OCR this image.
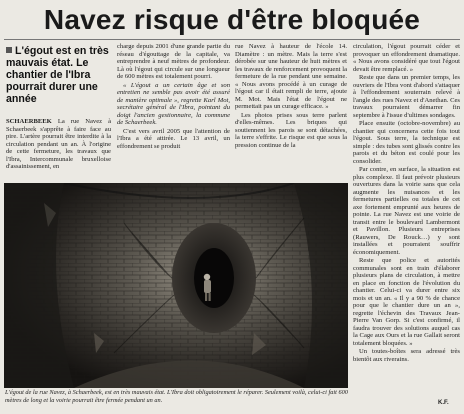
Navez risque d'être bloquée
L'égout est en très mauvais état. Le chantier de l'Ibra pourrait durer une année

SCHAERBEEK La rue Navez à Schaerbeek s'apprête à faire face au pire. L'artère pourrait être interdite à la circulation pendant un an. À l'origine de cette fermeture, les travaux que l'Ibra, Intercommunale bruxelloise d'assainissement, en

charge depuis 2001 d'une grande partie du réseau d'égouttage de la capitale, va entreprendre à neuf mètres de profondeur. Là où l'égout qui circule sur une longueur de 600 mètres est totalement pourri.

« L'égout a un certain âge et son entretien ne semble pas avoir été assuré de manière optimale », regrette Karl Mot, secrétaire général de l'Ibra, pointant du doigt l'ancien gestionnaire, la commune de Schaerbeek.

C'est vers avril 2005 que l'attention de l'Ibra a été attirée. Le 13 avril, un effondrement se produit

rue Navez à hauteur de l'école 14. Diamètre : un mètre. Mais la terre s'est dérobée sur une hauteur de huit mètres et les travaux de renforcement provoquent la fermeture de la rue pendant une semaine. « Nous avons procédé à un curage de l'égout car il était rempli de terre, ajoute M. Mot. Mais l'état de l'égout ne permettait pas un curage efficace. »

Les photos prises sous terre parlent d'elles-mêmes. Les briques qui soutiennent les parois se sont détachées, la terre s'effrite. Le risque est que sous la pression continue de la

circulation, l'égout pourrait céder et provoquer un effondrement dramatique. « Nous avons considéré que tout l'égout devait être remplacé. »

Reste que dans un premier temps, les ouvriers de l'Ibra vont d'abord s'attaquer à l'effondrement souterrain relevé à l'angle des rues Navez et d'Anethan. Ces travaux pourraient démarrer fin septembre à l'issue d'ultimes sondages.

Place ensuite (octobre-novembre) au chantier qui concernera cette fois tout l'égout. Sous terre, la technique est simple : des tubes sont glissés contre les parois et du béton est coulé pour les consolider.

Par contre, en surface, la situation est plus complexe. Il faut prévoir plusieurs ouvertures dans la voirie sans que cela augmente les nuisances et les fermetures partielles ou totales de cet axe fortement emprunté aux heures de pointe. La rue Navez est une voirie de transit entre le boulevard Lambermont et Pavillon. Plusieurs entreprises (Rauwers, De Rouck…) y sont installées et pourraient souffrir économiquement.

Reste que police et autorités communales sont en train d'élaborer plusieurs plans de circulation, à mettre en place en fonction de l'évolution du chantier. Celui-ci va durer entre six mois et un an. « Il y a 90 % de chance pour que le chantier dure un an », regrette l'échevin des Travaux Jean-Pierre Van Gorp. Si c'est confirmé, il faudra trouver des solutions auquel cas la Cage aux Ours et la rue Gallait seront totalement bloquées. »

Un toutes-boîtes sera adressé très bientôt aux riverains.

L'égout de la rue Navez, à Schaerbeek, est en très mauvais état. L'Ibra doit obligatoirement le réparer. Seulement voilà, celui-ci fait 600 mètres de long et la voirie pourrait être fermée pendant un an.	K.F.
